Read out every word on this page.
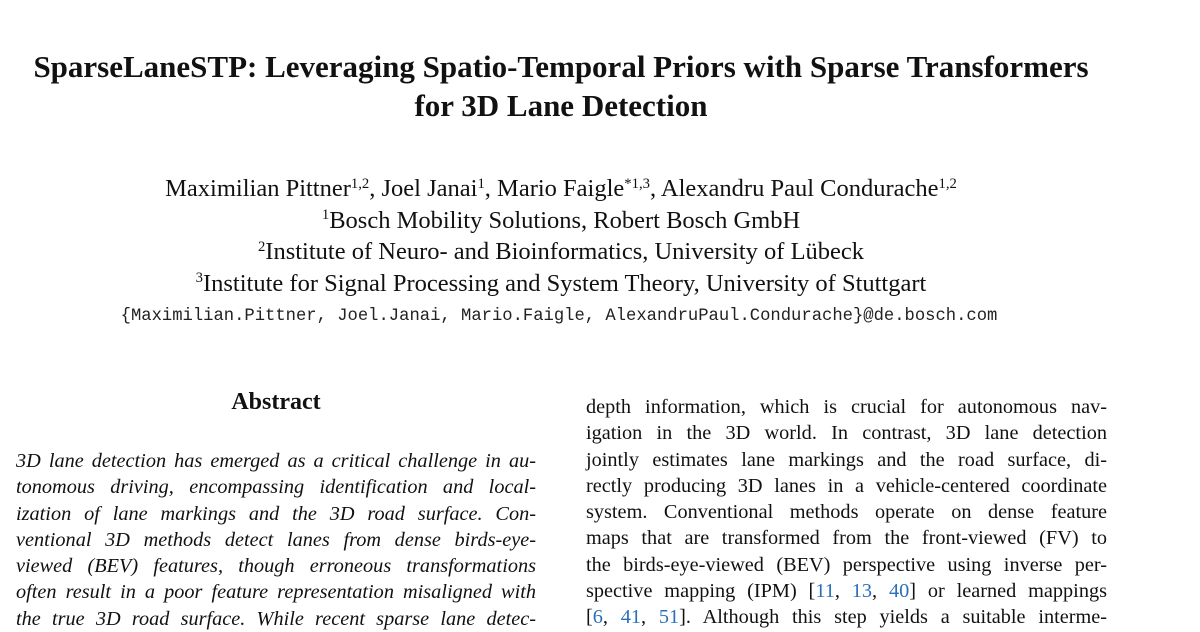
SparseLaneSTP: Leveraging Spatio-Temporal Priors with Sparse Transformers
for 3D Lane Detection
Maximilian Pittner$^{1,2}$, Joel Janai$^1$, Mario Faigle$^{*1,3}$, Alexandru Paul Condurache$^{1,2}$
$^1$Bosch Mobility Solutions, Robert Bosch GmbH
$^2$Institute of Neuro- and Bioinformatics, University of Lübeck
$^3$Institute for Signal Processing and System Theory, University of Stuttgart
{Maximilian.Pittner, Joel.Janai, Mario.Faigle, AlexandruPaul.Condurache}@de.bosch.com
Abstract
3D lane detection has emerged as a critical challenge in au-
tonomous driving, encompassing identification and local-
ization of lane markings and the 3D road surface. Con-
ventional 3D methods detect lanes from dense birds-eye-
viewed (BEV) features, though erroneous transformations
often result in a poor feature representation misaligned with
the true 3D road surface. While recent sparse lane detec-
depth information, which is crucial for autonomous nav-
igation in the 3D world. In contrast, 3D lane detection
jointly estimates lane markings and the road surface, di-
rectly producing 3D lanes in a vehicle-centered coordinate
system. Conventional methods operate on dense feature
maps that are transformed from the front-viewed (FV) to
the birds-eye-viewed (BEV) perspective using inverse per-
spective mapping (IPM) [11, 13, 40] or learned mappings
[6, 41, 51]. Although this step yields a suitable interme-
